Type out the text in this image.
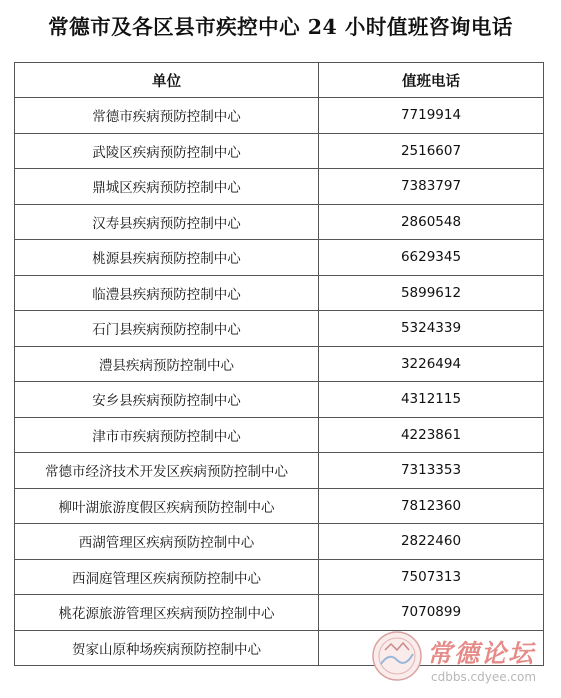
常德市及各区县市疾控中心 24 小时值班咨询电话
单位	值班电话
常德市疾病预防控制中心	7719914
武陵区疾病预防控制中心	2516607
鼎城区疾病预防控制中心	7383797
汉寿县疾病预防控制中心	2860548
桃源县疾病预防控制中心	6629345
临澧县疾病预防控制中心	5899612
石门县疾病预防控制中心	5324339
澧县疾病预防控制中心	3226494
安乡县疾病预防控制中心	4312115
津市市疾病预防控制中心	4223861
常德市经济技术开发区疾病预防控制中心	7313353
柳叶湖旅游度假区疾病预防控制中心	7812360
西湖管理区疾病预防控制中心	2822460
西洞庭管理区疾病预防控制中心	7507313
桃花源旅游管理区疾病预防控制中心	7070899
贺家山原种场疾病预防控制中心		常德论坛
cdbbs.cdyee.com
